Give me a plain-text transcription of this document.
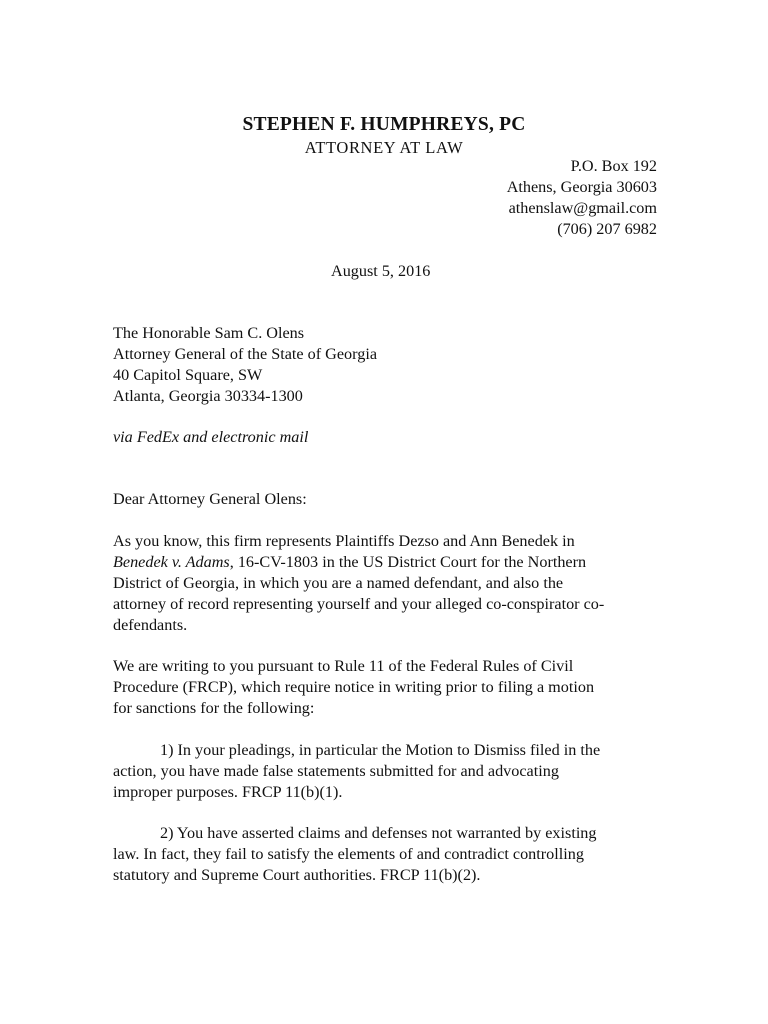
STEPHEN F. HUMPHREYS, PC
ATTORNEY AT LAW
P.O. Box 192
Athens, Georgia 30603
athenslaw@gmail.com
(706) 207 6982
August 5, 2016
The Honorable Sam C. Olens
Attorney General of the State of Georgia
40 Capitol Square, SW
Atlanta, Georgia 30334-1300
via FedEx and electronic mail
Dear Attorney General Olens:
As you know, this firm represents Plaintiffs Dezso and Ann Benedek in
Benedek v. Adams, 16-CV-1803 in the US District Court for the Northern
District of Georgia, in which you are a named defendant, and also the
attorney of record representing yourself and your alleged co-conspirator co-
defendants.
We are writing to you pursuant to Rule 11 of the Federal Rules of Civil
Procedure (FRCP), which require notice in writing prior to filing a motion
for sanctions for the following:
1) In your pleadings, in particular the Motion to Dismiss filed in the
action, you have made false statements submitted for and advocating
improper purposes. FRCP 11(b)(1).
2) You have asserted claims and defenses not warranted by existing
law. In fact, they fail to satisfy the elements of and contradict controlling
statutory and Supreme Court authorities. FRCP 11(b)(2).
